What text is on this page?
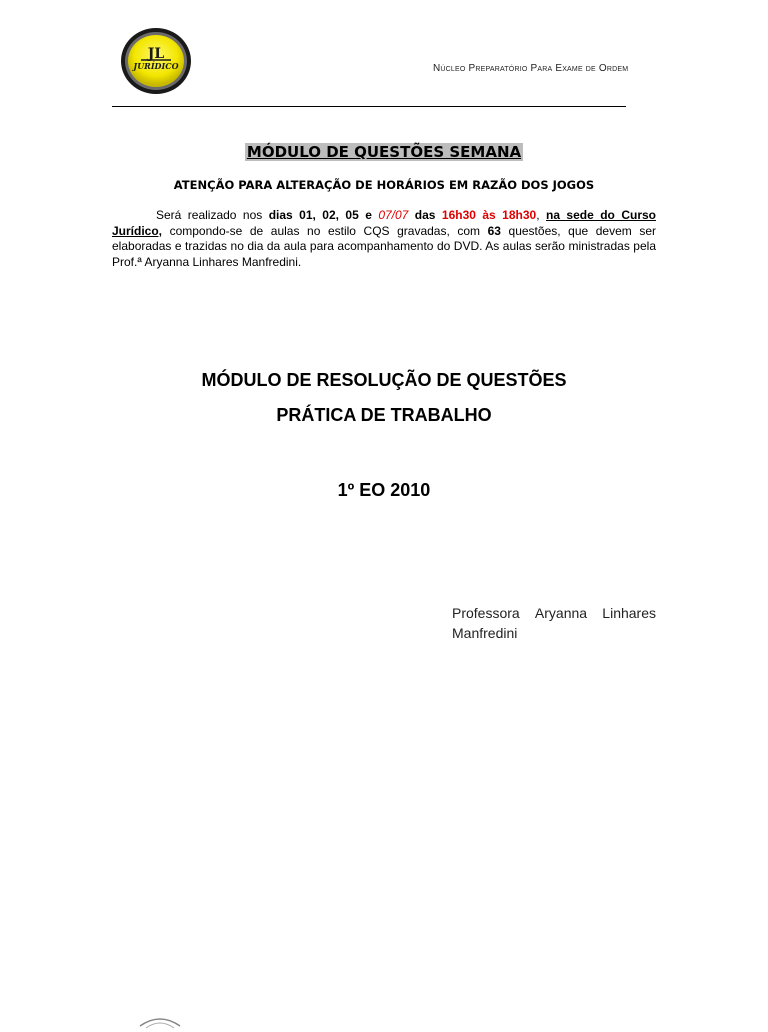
JL
JURÍDICO	Núcleo Preparatório Para Exame de Ordem
MÓDULO DE QUESTÕES SEMANA
ATENÇÃO PARA ALTERAÇÃO DE HORÁRIOS EM RAZÃO DOS JOGOS
Será realizado nos dias 01, 02, 05 e 07/07 das 16h30 às 18h30, na sede do Curso Jurídico, compondo-se de aulas no estilo CQS gravadas, com 63 questões, que devem ser elaboradas e trazidas no dia da aula para acompanhamento do DVD. As aulas serão ministradas pela Prof.ª Aryanna Linhares Manfredini.
MÓDULO DE RESOLUÇÃO DE QUESTÕES
PRÁTICA DE TRABALHO
1º EO 2010
Professora Aryanna Linhares
Manfredini
